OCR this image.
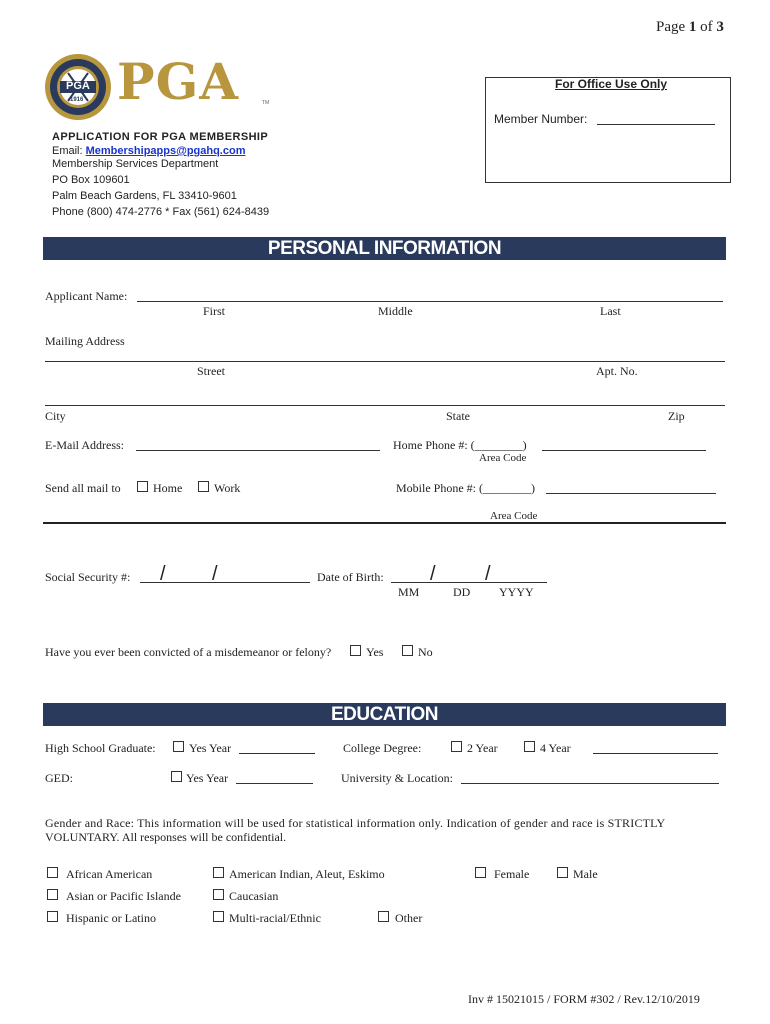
Page 1 of 3
PGA
1916 PGA	TM
APPLICATION FOR PGA MEMBERSHIP
Email: Membershipapps@pgahq.com
Membership Services Department
PO Box 109601
Palm Beach Gardens, FL 33410-9601
Phone (800) 474-2776 * Fax (561) 624-8439
For Office Use Only
Member Number:
PERSONAL INFORMATION
Applicant Name:
First	Middle	Last
Mailing Address
Street	Apt. No.
City	State	Zip
E-Mail Address:	Home Phone #: (________)
Area Code
Send all mail to	Home	Work	Mobile Phone #: (________)
Area Code
Social Security #: / /	Date of Birth: / /
MM	DD YYYY
Have you ever been convicted of a misdemeanor or felony?	Yes	No
EDUCATION
High School Graduate:	Yes Year	College Degree:	2 Year	4 Year
GED:	Yes Year	University & Location:
Gender and Race: This information will be used for statistical information only. Indication of gender and race is STRICTLY
VOLUNTARY. All responses will be confidential.
African American	American Indian, Aleut, Eskimo	Female	Male
Asian or Pacific Islande	Caucasian
Hispanic or Latino	Multi-racial/Ethnic	Other
Inv # 15021015 / FORM #302 / Rev.12/10/2019
